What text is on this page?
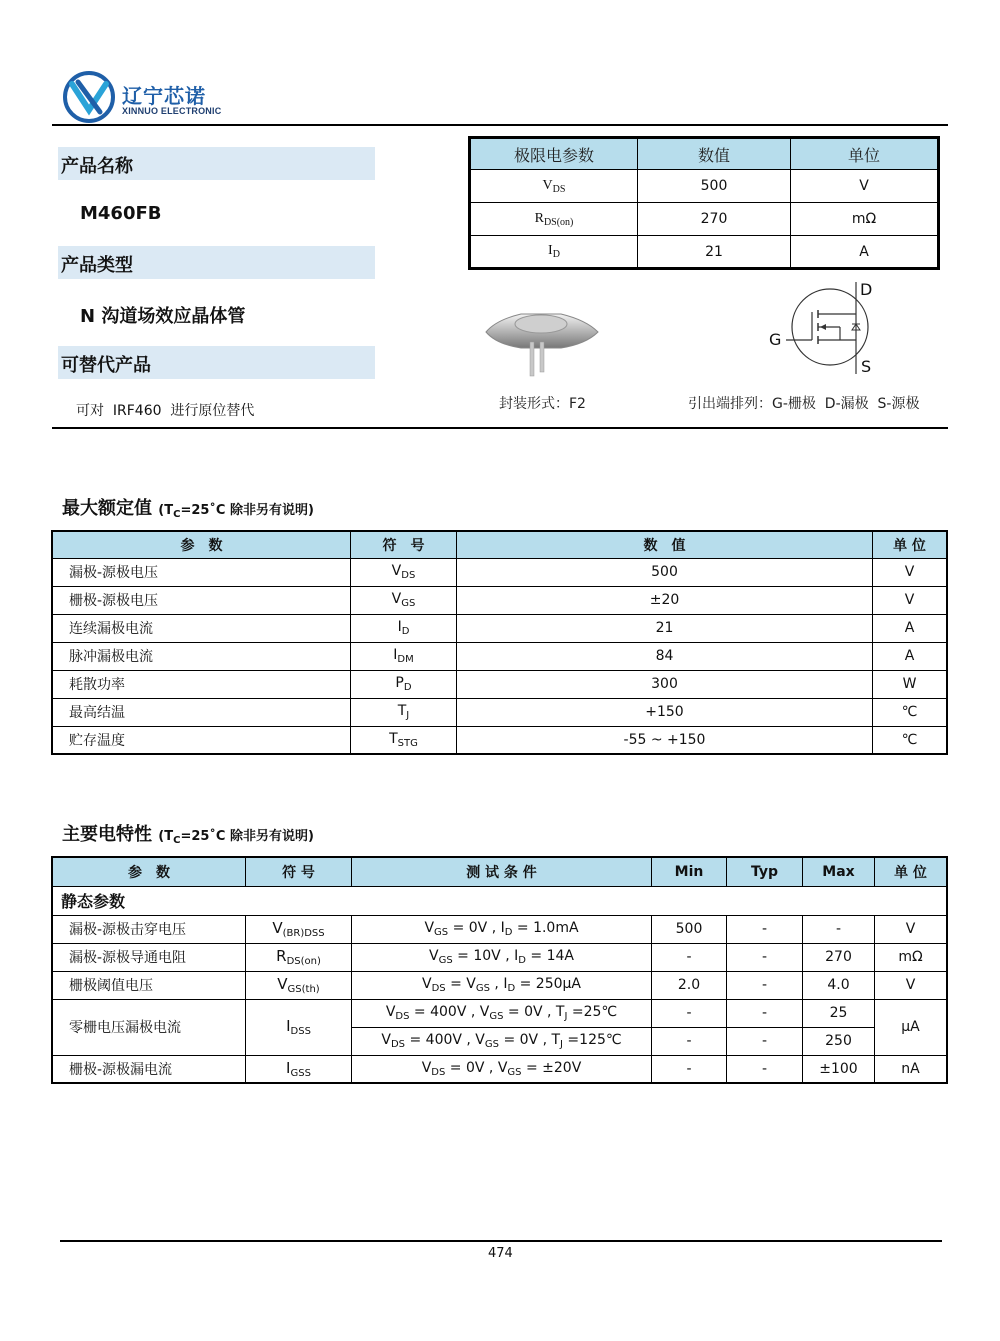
辽宁芯诺
XINNUO ELECTRONIC
产品名称
M460FB
产品类型
N 沟道场效应晶体管
可替代产品
可对  IRF460  进行原位替代
极限电参数	数值	单位
$V_{DS}$	500	V
$R_{DS(on)}$	270	mΩ
$I_D$	21	A
封装形式：F2
D
G
S
引出端排列：G-栅极  D-漏极  S-源极
最大额定值 ($T_C=25˚C$ 除非另有说明)
参　数	符　号	数　值	单 位
漏极-源极电压	$V_{DS}$	500	V
栅极-源极电压	$V_{GS}$	±20	V
连续漏极电流	$I_D$	21	A
脉冲漏极电流	$I_{DM}$	84	A
耗散功率	$P_D$	300	W
最高结温	$T_J$	+150	℃
贮存温度	$T_{STG}$	-55 ~ +150	℃
主要电特性 ($T_C=25˚C$ 除非另有说明)
参　数	符 号	测 试 条 件	Min	Typ	Max	单 位
静态参数						
漏极-源极击穿电压	$V_{(BR)DSS}$	$V_{GS} = 0V$ , $I_D = 1.0mA$	500	-	-	V
漏极-源极导通电阻	$R_{DS(on)}$	$V_{GS} = 10V$ , $I_D = 14A$	-	-	270	mΩ
栅极阈值电压	$V_{GS(th)}$	$V_{DS} = V_{GS}$ , $I_D = 250\mu A$	2.0	-	4.0	V
零栅电压漏极电流	$I_{DSS}$	$V_{DS} = 400V$ , $V_{GS} = 0V$ , $T_J$ =25℃	-	-	25	μA
		$V_{DS} = 400V$ , $V_{GS} = 0V$ , $T_J$ =125℃	-	-	250	
栅极-源极漏电流	$I_{GSS}$	$V_{DS} = 0V$ , $V_{GS} = \pm 20V$	-	-	±100	nA
474
